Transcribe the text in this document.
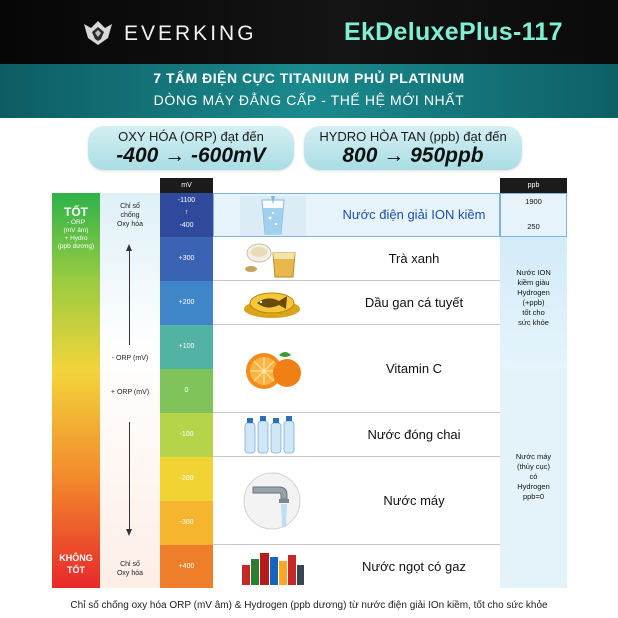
EVERKING	EkDeluxePlus-117
7 TẤM ĐIỆN CỰC TITANIUM PHỦ PLATINUM
DÒNG MÁY ĐẲNG CẤP - THẾ HỆ MỚI NHẤT
OXY HÓA (ORP) đạt đến
-400 → -600mV
HYDRO HÒA TAN (ppb) đạt đến
800 → 950ppb
TỐT
- ORP
(mV âm)
+ Hydro
(ppb dương)
KHÔNG
TỐT
Chỉ số
chống
Oxy hóa
- ORP (mV)
+ ORP (mV)
Chỉ số
Oxy hóa
mV	ppb
-1100
↑
-400
+300
+200
+100
0
-100
-200
-300
+400
Nước điện giải ION kiềm
Trà xanh
Dầu gan cá tuyết
Vitamin C
Nước đóng chai
Nước máy
Nước ngọt có gaz
1900
250
Nước ION
kiềm giàu
Hydrogen
(+ppb)
tốt cho
sức khỏe
Nước máy
(thủy cục)
có
Hydrogen
ppb=0
Chỉ số chống oxy hóa ORP (mV âm) & Hydrogen (ppb dương) từ nước điện giải IOn kiềm, tốt cho sức khỏe
